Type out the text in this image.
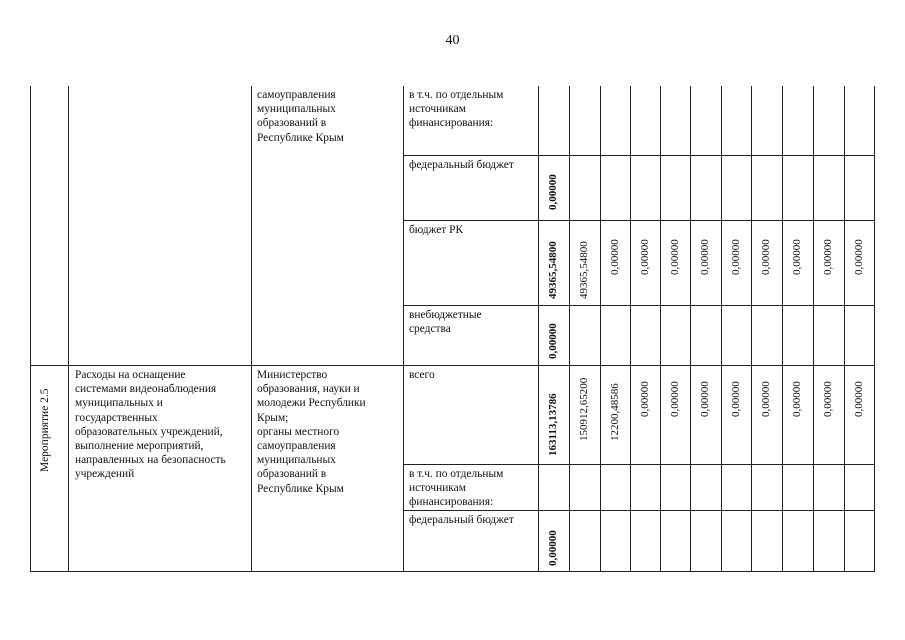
40
самоуправления
муниципальных
образований в
Республике Крым
в т.ч. по отдельным
источникам
финансирования:
федеральный бюджет
0,00000
бюджет РК
49365,54800 49365,54800 0,00000 0,00000 0,00000 0,00000 0,00000 0,00000 0,00000 0,00000 0,00000
внебюджетные
средства	0,00000
Мероприятие 2.5
Расходы на оснащение
системами видеонаблюдения
муниципальных и
государственных
образовательных учреждений,
выполнение мероприятий,
направленных на безопасность
учреждений
Министерство
образования, науки и
молодежи Республики
Крым;
органы местного
самоуправления
муниципальных
образований в
Республике Крым
всего
163113,13786 150912,65200 12200,48586 0,00000 0,00000 0,00000 0,00000 0,00000 0,00000 0,00000 0,00000
в т.ч. по отдельным
источникам
финансирования:
федеральный бюджет
0,00000
